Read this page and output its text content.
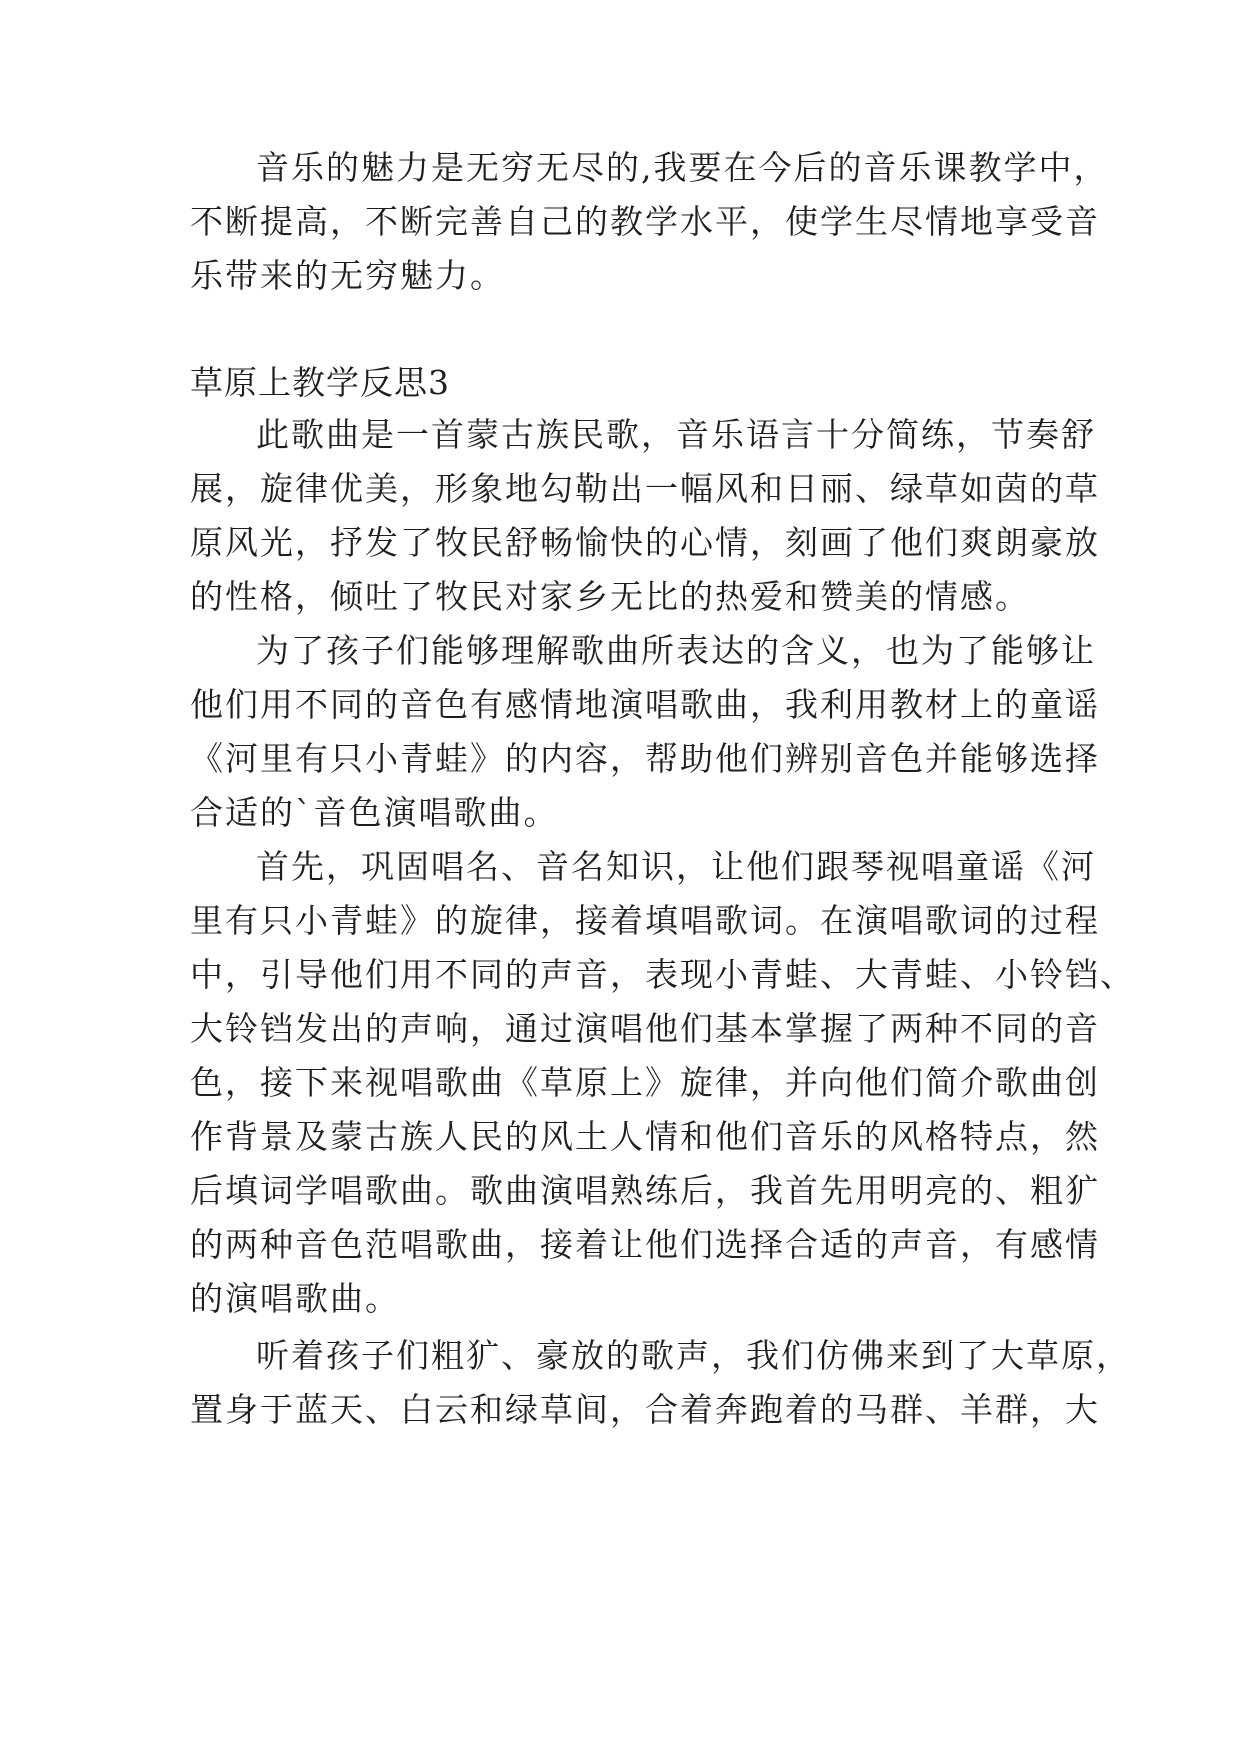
音乐的魅力是无穷无尽的,我要在今后的音乐课教学中，
不断提高，不断完善自己的教学水平，使学生尽情地享受音
乐带来的无穷魅力。
草原上教学反思3
此歌曲是一首蒙古族民歌，音乐语言十分简练，节奏舒
展，旋律优美，形象地勾勒出一幅风和日丽、绿草如茵的草
原风光，抒发了牧民舒畅愉快的心情，刻画了他们爽朗豪放
的性格，倾吐了牧民对家乡无比的热爱和赞美的情感。
为了孩子们能够理解歌曲所表达的含义，也为了能够让
他们用不同的音色有感情地演唱歌曲，我利用教材上的童谣
《河里有只小青蛙》的内容，帮助他们辨别音色并能够选择
合适的`音色演唱歌曲。
首先，巩固唱名、音名知识，让他们跟琴视唱童谣《河
里有只小青蛙》的旋律，接着填唱歌词。在演唱歌词的过程
中，引导他们用不同的声音，表现小青蛙、大青蛙、小铃铛、
大铃铛发出的声响，通过演唱他们基本掌握了两种不同的音
色，接下来视唱歌曲《草原上》旋律，并向他们简介歌曲创
作背景及蒙古族人民的风土人情和他们音乐的风格特点，然
后填词学唱歌曲。歌曲演唱熟练后，我首先用明亮的、粗犷
的两种音色范唱歌曲，接着让他们选择合适的声音，有感情
的演唱歌曲。
听着孩子们粗犷、豪放的歌声，我们仿佛来到了大草原，
置身于蓝天、白云和绿草间，合着奔跑着的马群、羊群，大
